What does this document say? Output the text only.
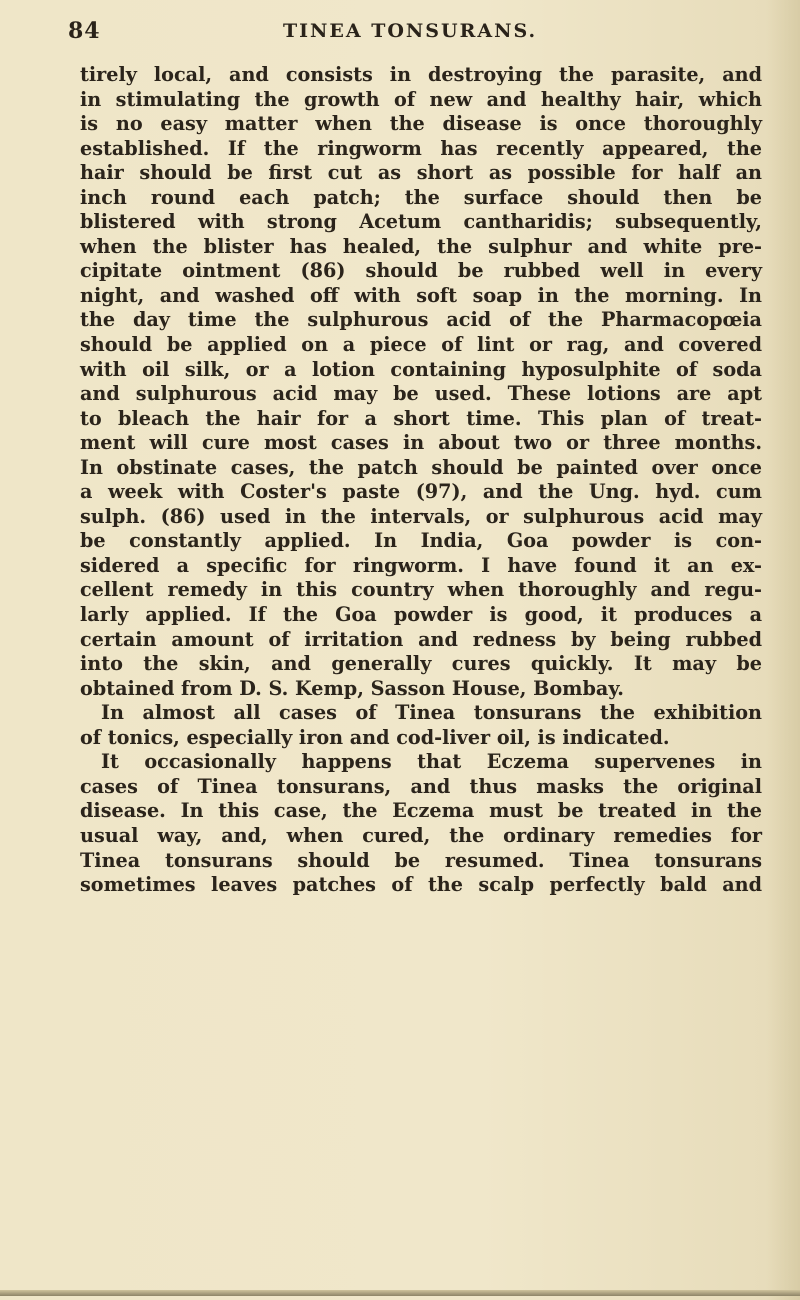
84	TINEA TONSURANS.
tirely local, and consists in destroying the parasite, and
in stimulating the growth of new and healthy hair, which
is no easy matter when the disease is once thoroughly
established. If the ringworm has recently appeared, the
hair should be first cut as short as possible for half an
inch round each patch; the surface should then be
blistered with strong Acetum cantharidis; subsequently,
when the blister has healed, the sulphur and white pre-
cipitate ointment (86) should be rubbed well in every
night, and washed off with soft soap in the morning. In
the day time the sulphurous acid of the Pharmacopœia
should be applied on a piece of lint or rag, and covered
with oil silk, or a lotion containing hyposulphite of soda
and sulphurous acid may be used. These lotions are apt
to bleach the hair for a short time. This plan of treat-
ment will cure most cases in about two or three months.
In obstinate cases, the patch should be painted over once
a week with Coster's paste (97), and the Ung. hyd. cum
sulph. (86) used in the intervals, or sulphurous acid may
be constantly applied. In India, Goa powder is con-
sidered a specific for ringworm. I have found it an ex-
cellent remedy in this country when thoroughly and regu-
larly applied. If the Goa powder is good, it produces a
certain amount of irritation and redness by being rubbed
into the skin, and generally cures quickly. It may be
obtained from D. S. Kemp, Sasson House, Bombay.
In almost all cases of Tinea tonsurans the exhibition
of tonics, especially iron and cod-liver oil, is indicated.
It occasionally happens that Eczema supervenes in
cases of Tinea tonsurans, and thus masks the original
disease. In this case, the Eczema must be treated in the
usual way, and, when cured, the ordinary remedies for
Tinea tonsurans should be resumed. Tinea tonsurans
sometimes leaves patches of the scalp perfectly bald and
